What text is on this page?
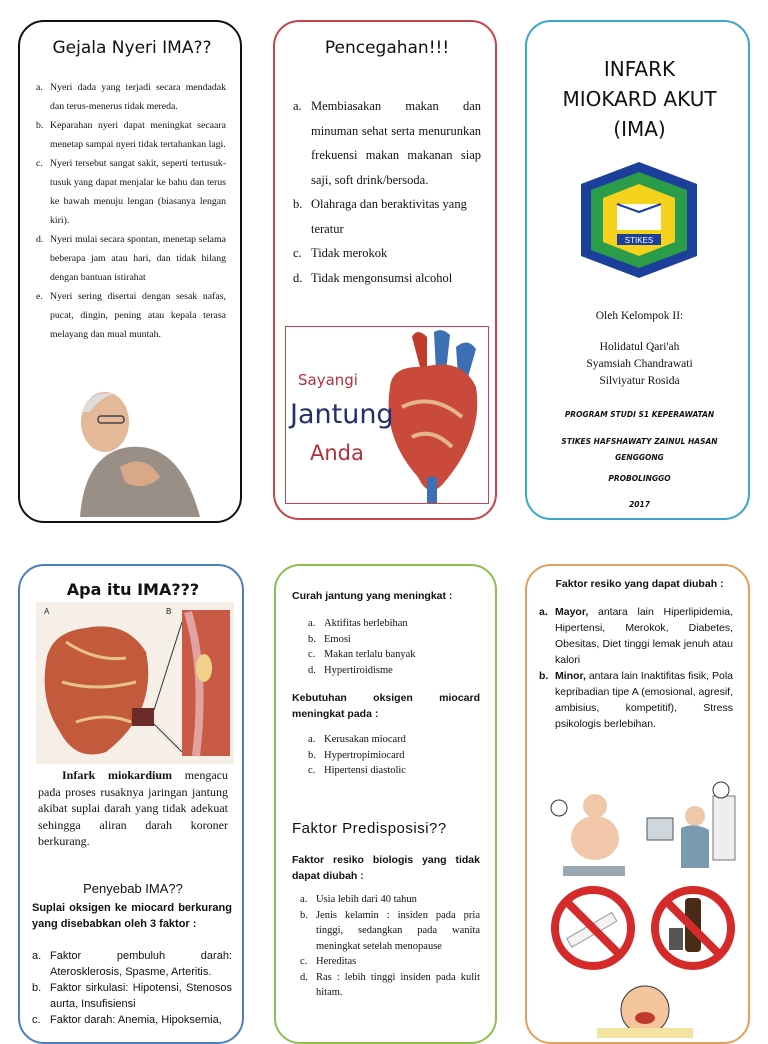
Gejala Nyeri IMA??
a. Nyeri dada yang terjadi secara mendadak dan terus-menerus tidak mereda.
b. Keparahan nyeri dapat meningkat secaara menetap sampai nyeri tidak tertahankan lagi.
c. Nyeri tersebut sangat sakit, seperti tertusuk-tusuk yang dapat menjalar ke bahu dan terus ke bawah menuju lengan (biasanya lengan kiri).
d. Nyeri mulai secara spontan, menetap selama beberapa jam atau hari, dan tidak hilang dengan bantuan istirahat
e. Nyeri sering disertai dengan sesak nafas, pucat, dingin, pening atau kepala terasa melayang dan mual muntah.
Pencegahan!!!
a. Membiasakan makan dan minuman sehat serta menurunkan frekuensi makan makanan siap saji, soft drink/bersoda.
b. Olahraga dan beraktivitas yang teratur
c. Tidak merokok
d. Tidak mengonsumsi alcohol
Sayangi
Jantung
Anda
INFARK
MIOKARD AKUT
(IMA)
STIKES
Oleh Kelompok II:
Holidatul Qari'ah
Syamsiah Chandrawati
Silviyatur Rosida
PROGRAM STUDI S1 KEPERAWATAN
STIKES HAFSHAWATY ZAINUL HASAN GENGGONG
PROBOLINGGO
2017
Apa itu IMA???
A	B
Infark miokardium mengacu pada proses rusaknya jaringan jantung akibat suplai darah yang tidak adekuat sehingga aliran darah koroner berkurang.
Penyebab IMA??
Suplai oksigen ke miocard berkurang yang disebabkan oleh 3 faktor :
a. Faktor pembuluh darah: Aterosklerosis, Spasme, Arteritis.
b. Faktor sirkulasi: Hipotensi, Stenosos aurta, Insufisiensi
c. Faktor darah: Anemia, Hipoksemia,
Curah jantung yang meningkat :
a. Aktifitas berlebihan
b. Emosi
c. Makan terlalu banyak
d. Hypertiroidisme
Kebutuhan oksigen miocard meningkat pada :
a. Kerusakan miocard
b. Hypertropimiocard
c. Hipertensi diastolic
Faktor Predisposisi??
Faktor resiko biologis yang tidak dapat diubah :
a. Usia lebih dari 40 tahun
b. Jenis kelamin : insiden pada pria tinggi, sedangkan pada wanita meningkat setelah menopause
c. Hereditas
d. Ras : lebih tinggi insiden pada kulit hitam.
Faktor resiko yang dapat diubah :
a. Mayor, antara lain Hiperlipidemia, Hipertensi, Merokok, Diabetes, Obesitas, Diet tinggi lemak jenuh atau kalori
b. Minor, antara lain Inaktifitas fisik, Pola kepribadian tipe A (emosional, agresif, ambisius, kompetitif), Stress psikologis berlebihan.
